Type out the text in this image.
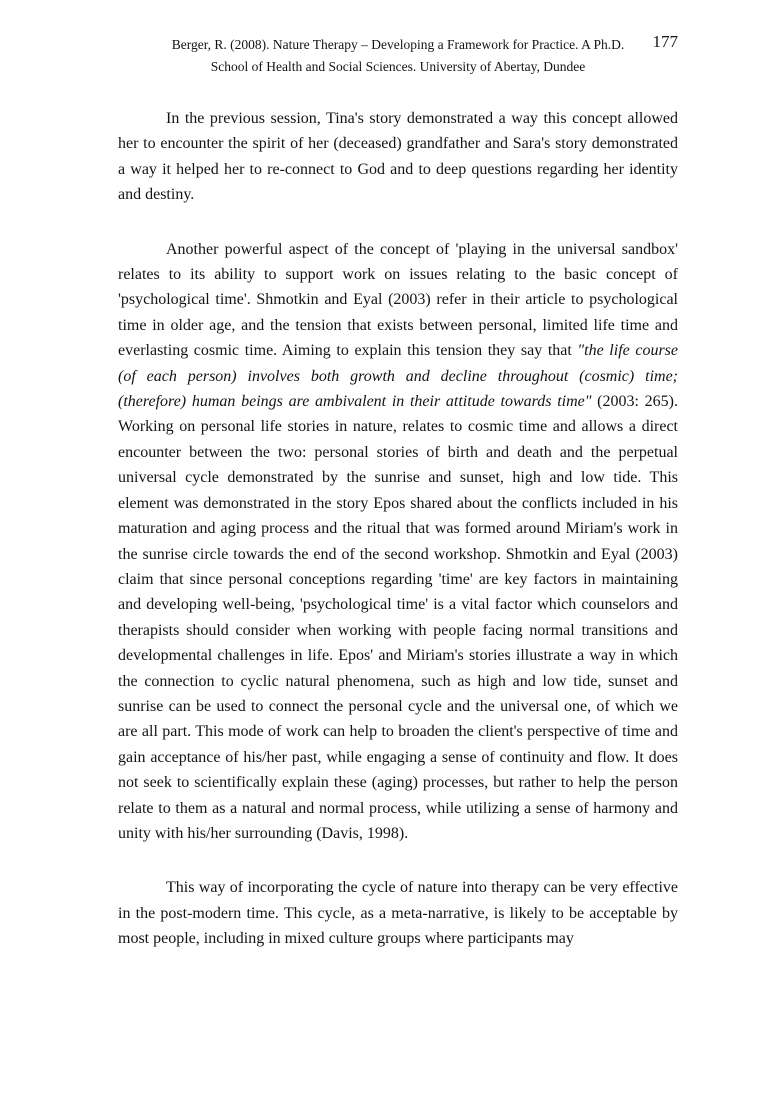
Berger, R. (2008). Nature Therapy – Developing a Framework for Practice. A Ph.D. 177
School of Health and Social Sciences. University of Abertay, Dundee

In the previous session, Tina's story demonstrated a way this concept allowed her to encounter the spirit of her (deceased) grandfather and Sara's story demonstrated a way it helped her to re-connect to God and to deep questions regarding her identity and destiny.

Another powerful aspect of the concept of 'playing in the universal sandbox' relates to its ability to support work on issues relating to the basic concept of 'psychological time'. Shmotkin and Eyal (2003) refer in their article to psychological time in older age, and the tension that exists between personal, limited life time and everlasting cosmic time. Aiming to explain this tension they say that "the life course (of each person) involves both growth and decline throughout (cosmic) time; (therefore) human beings are ambivalent in their attitude towards time" (2003: 265). Working on personal life stories in nature, relates to cosmic time and allows a direct encounter between the two: personal stories of birth and death and the perpetual universal cycle demonstrated by the sunrise and sunset, high and low tide. This element was demonstrated in the story Epos shared about the conflicts included in his maturation and aging process and the ritual that was formed around Miriam's work in the sunrise circle towards the end of the second workshop. Shmotkin and Eyal (2003) claim that since personal conceptions regarding 'time' are key factors in maintaining and developing well-being, 'psychological time' is a vital factor which counselors and therapists should consider when working with people facing normal transitions and developmental challenges in life. Epos' and Miriam's stories illustrate a way in which the connection to cyclic natural phenomena, such as high and low tide, sunset and sunrise can be used to connect the personal cycle and the universal one, of which we are all part. This mode of work can help to broaden the client's perspective of time and gain acceptance of his/her past, while engaging a sense of continuity and flow. It does not seek to scientifically explain these (aging) processes, but rather to help the person relate to them as a natural and normal process, while utilizing a sense of harmony and unity with his/her surrounding (Davis, 1998).

This way of incorporating the cycle of nature into therapy can be very effective in the post-modern time. This cycle, as a meta-narrative, is likely to be acceptable by most people, including in mixed culture groups where participants may
